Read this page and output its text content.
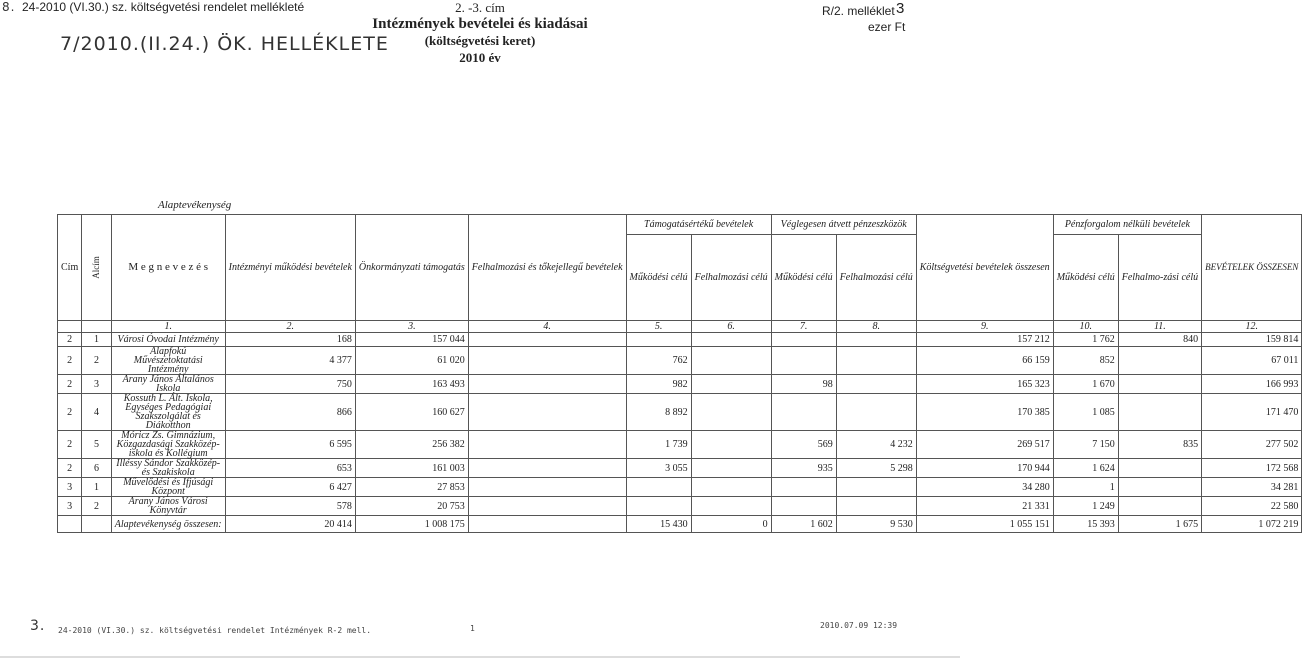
8. 24-2010 (VI.30.) sz. költségvetési rendelet mellékleté
7/2010.(II.24.) ÖK. HELLÉKLETE
2. -3. cím
Intézmények bevételei és kiadásai
(költségvetési keret)
2010 év
R/2. melléklet 3
ezer Ft
Alaptevékenység
Cím	Alcím	M e g n e v e z é s	Intézményi működési bevételek	Önkormányzati támogatás	Felhalmozási és tőkejellegű bevételek	Támogatásértékű bevételek		Véglegesen átvett pénzeszközök		Költségvetési bevételek összesen	Pénzforgalom nélküli bevételek		BEVÉTELEK ÖSSZESEN
						Működési célú	Felhalmozási célú	Működési célú	Felhalmozási célú		Működési célú	Felhalmo-zási célú	

		1.	2.	3.	4.	5.	6.	7.	8.	9.	10.	11.	12.
2	1	Városi Óvodai Intézmény	168	157 044						157 212	1 762	840	159 814
2	2	Alapfokú Művészetoktatási Intézmény	4 377	61 020		762				66 159	852		67 011
2	3	Arany János Általános Iskola	750	163 493		982		98		165 323	1 670		166 993
2	4	Kossuth L. Ált. Iskola, Egységes Pedagógiai Szakszolgálat és Diákotthon	866	160 627		8 892				170 385	1 085		171 470
2	5	Móricz Zs. Gimnázium, Közgazdasági Szakközép-iskola és Kollégium	6 595	256 382		1 739		569	4 232	269 517	7 150	835	277 502
2	6	Illéssy Sándor Szakközép-és Szakiskola	653	161 003		3 055		935	5 298	170 944	1 624		172 568
3	1	Művelődési és Ifjúsági Központ	6 427	27 853						34 280	1		34 281
3	2	Arany János Városi Könyvtár	578	20 753						21 331	1 249		22 580
		Alaptevékenység összesen:	20 414	1 008 175		15 430	0	1 602	9 530	1 055 151	15 393	1 675	1 072 219
3. 24-2010 (VI.30.) sz. költségvetési rendelet Intézmények R-2 mell.	1	2010.07.09 12:39
